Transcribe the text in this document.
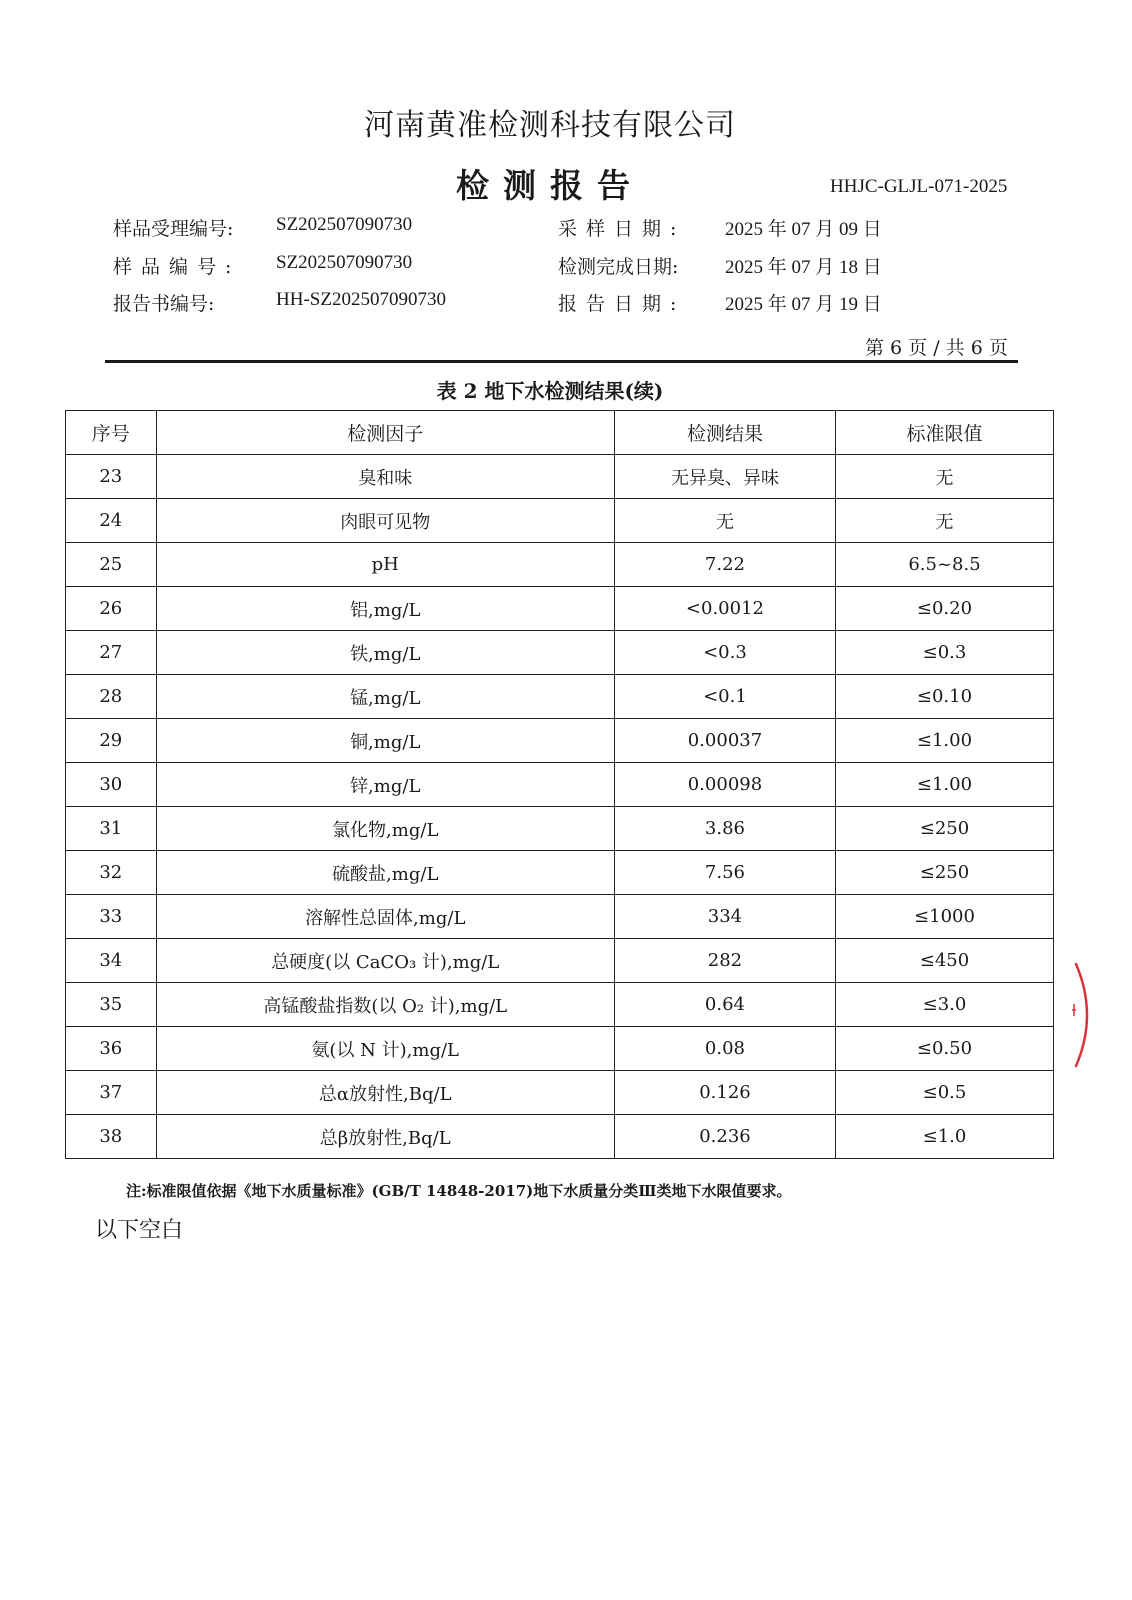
河南黄准检测科技有限公司
检测报告	HHJC-GLJL-071-2025
样品受理编号: SZ202507090730
样品编号: SZ202507090730
报告书编号:	HH-SZ202507090730
采样日期: 2025 年 07 月 09 日
检测完成日期: 2025 年 07 月 18 日
报告日期: 2025 年 07 月 19 日
第 6 页 / 共 6 页
表 2 地下水检测结果(续)
序号	检测因子	检测结果	标准限值
23	臭和味	无异臭、异味	无
24	肉眼可见物	无	无
25	pH	7.22	6.5~8.5
26	铝,mg/L	<0.0012	≤0.20
27	铁,mg/L	<0.3	≤0.3
28	锰,mg/L	<0.1	≤0.10
29	铜,mg/L	0.00037	≤1.00
30	锌,mg/L	0.00098	≤1.00
31	氯化物,mg/L	3.86	≤250
32	硫酸盐,mg/L	7.56	≤250
33	溶解性总固体,mg/L	334	≤1000
34	总硬度(以 CaCO₃ 计),mg/L	282	≤450
35	高锰酸盐指数(以 O₂ 计),mg/L	0.64	≤3.0
36	氨(以 N 计),mg/L	0.08	≤0.50
37	总α放射性,Bq/L	0.126	≤0.5
38	总β放射性,Bq/L	0.236	≤1.0
注:标准限值依据《地下水质量标准》(GB/T 14848-2017)地下水质量分类Ⅲ类地下水限值要求。
以下空白
